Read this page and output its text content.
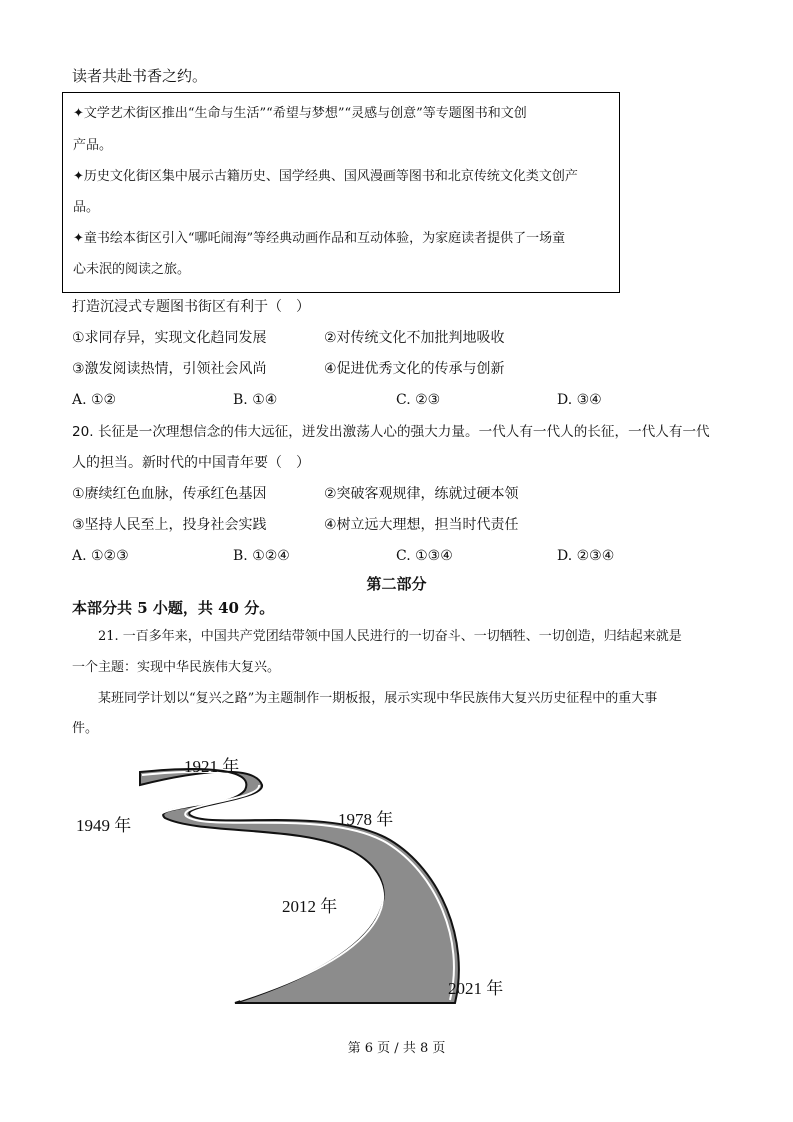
读者共赴书香之约。
✦文学艺术街区推出“生命与生活”“希望与梦想”“灵感与创意”等专题图书和文创
产品。
✦历史文化街区集中展示古籍历史、国学经典、国风漫画等图书和北京传统文化类文创产
品。
✦童书绘本街区引入“哪吒闹海”等经典动画作品和互动体验，为家庭读者提供了一场童
心未泯的阅读之旅。
打造沉浸式专题图书街区有利于（　）
①求同存异，实现文化趋同发展	②对传统文化不加批判地吸收
③激发阅读热情，引领社会风尚	④促进优秀文化的传承与创新
A. ①②	B. ①④	C. ②③	D. ③④
20. 长征是一次理想信念的伟大远征，迸发出激荡人心的强大力量。一代人有一代人的长征，一代人有一代
人的担当。新时代的中国青年要（　）
①赓续红色血脉，传承红色基因	②突破客观规律，练就过硬本领
③坚持人民至上，投身社会实践	④树立远大理想，担当时代责任
A. ①②③	B. ①②④	C. ①③④	D. ②③④
第二部分
本部分共 5 小题，共 40 分。
21. 一百多年来，中国共产党团结带领中国人民进行的一切奋斗、一切牺牲、一切创造，归结起来就是
一个主题：实现中华民族伟大复兴。
某班同学计划以“复兴之路”为主题制作一期板报，展示实现中华民族伟大复兴历史征程中的重大事
件。
1921 年
1949 年	1978 年
2012 年
2021 年
第 6 页 / 共 8 页
